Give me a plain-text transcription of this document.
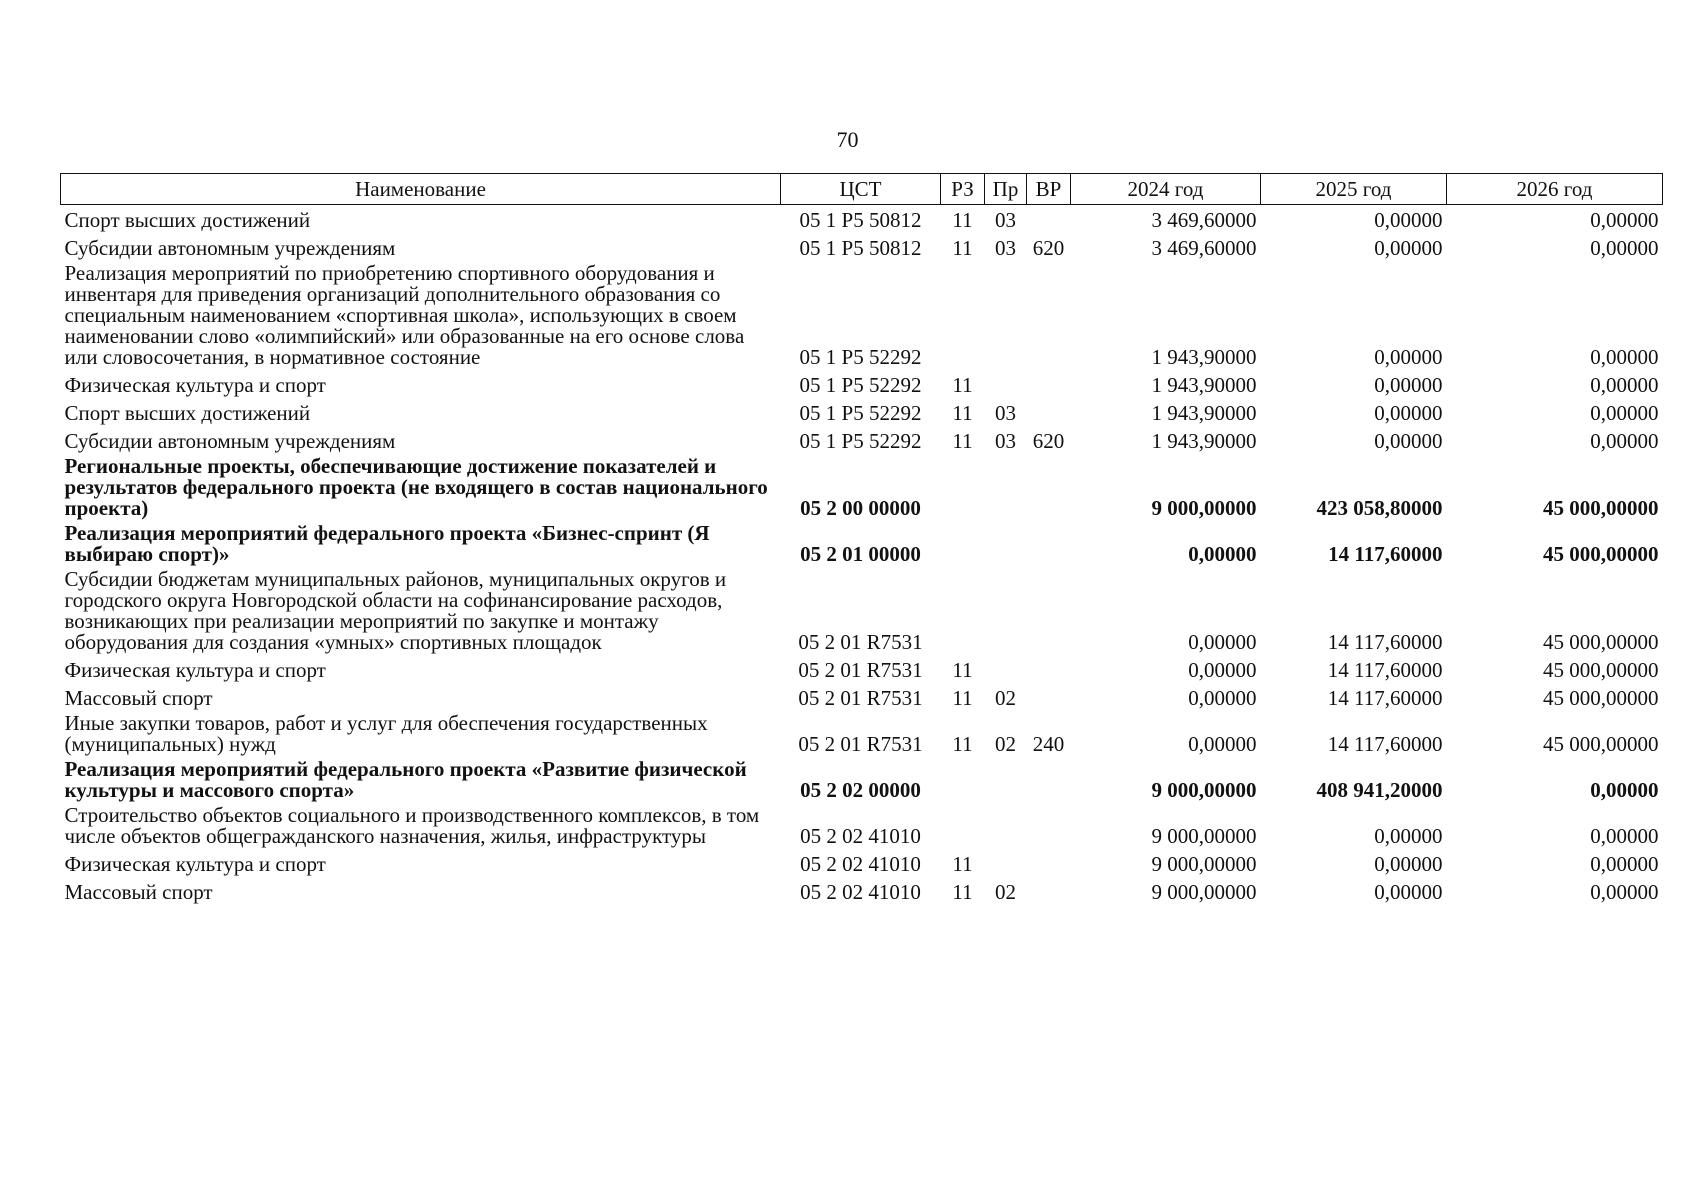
70
Наименование	ЦСТ	РЗ	Пр	ВР	2024 год	2025 год	2026 год
Спорт высших достижений	05 1 Р5 50812	11	03		3 469,60000	0,00000	0,00000
Субсидии автономным учреждениям	05 1 Р5 50812	11	03	620	3 469,60000	0,00000	0,00000
Реализация мероприятий по приобретению спортивного оборудования и инвентаря для приведения организаций дополнительного образования со специальным наименованием «спортивная школа», использующих в своем наименовании слово «олимпийский» или образованные на его основе слова или словосочетания, в нормативное состояние	05 1 Р5 52292				1 943,90000	0,00000	0,00000
Физическая культура и спорт	05 1 Р5 52292	11			1 943,90000	0,00000	0,00000
Спорт высших достижений	05 1 Р5 52292	11	03		1 943,90000	0,00000	0,00000
Субсидии автономным учреждениям	05 1 Р5 52292	11	03	620	1 943,90000	0,00000	0,00000
Региональные проекты, обеспечивающие достижение показателей и результатов федерального проекта (не входящего в состав национального проекта)	05 2 00 00000				9 000,00000	423 058,80000	45 000,00000
Реализация мероприятий федерального проекта «Бизнес-спринт (Я выбираю спорт)»	05 2 01 00000				0,00000	14 117,60000	45 000,00000
Субсидии бюджетам муниципальных районов, муниципальных округов и городского округа Новгородской области на софинансирование расходов, возникающих при реализации мероприятий по закупке и монтажу оборудования для создания «умных» спортивных площадок	05 2 01 R7531				0,00000	14 117,60000	45 000,00000
Физическая культура и спорт	05 2 01 R7531	11			0,00000	14 117,60000	45 000,00000
Массовый спорт	05 2 01 R7531	11	02		0,00000	14 117,60000	45 000,00000
Иные закупки товаров, работ и услуг для обеспечения государственных (муниципальных) нужд	05 2 01 R7531	11	02	240	0,00000	14 117,60000	45 000,00000
Реализация мероприятий федерального проекта «Развитие физической культуры и массового спорта»	05 2 02 00000				9 000,00000	408 941,20000	0,00000
Строительство объектов социального и производственного комплексов, в том числе объектов общегражданского назначения, жилья, инфраструктуры	05 2 02 41010				9 000,00000	0,00000	0,00000
Физическая культура и спорт	05 2 02 41010	11			9 000,00000	0,00000	0,00000
Массовый спорт	05 2 02 41010	11	02		9 000,00000	0,00000	0,00000
